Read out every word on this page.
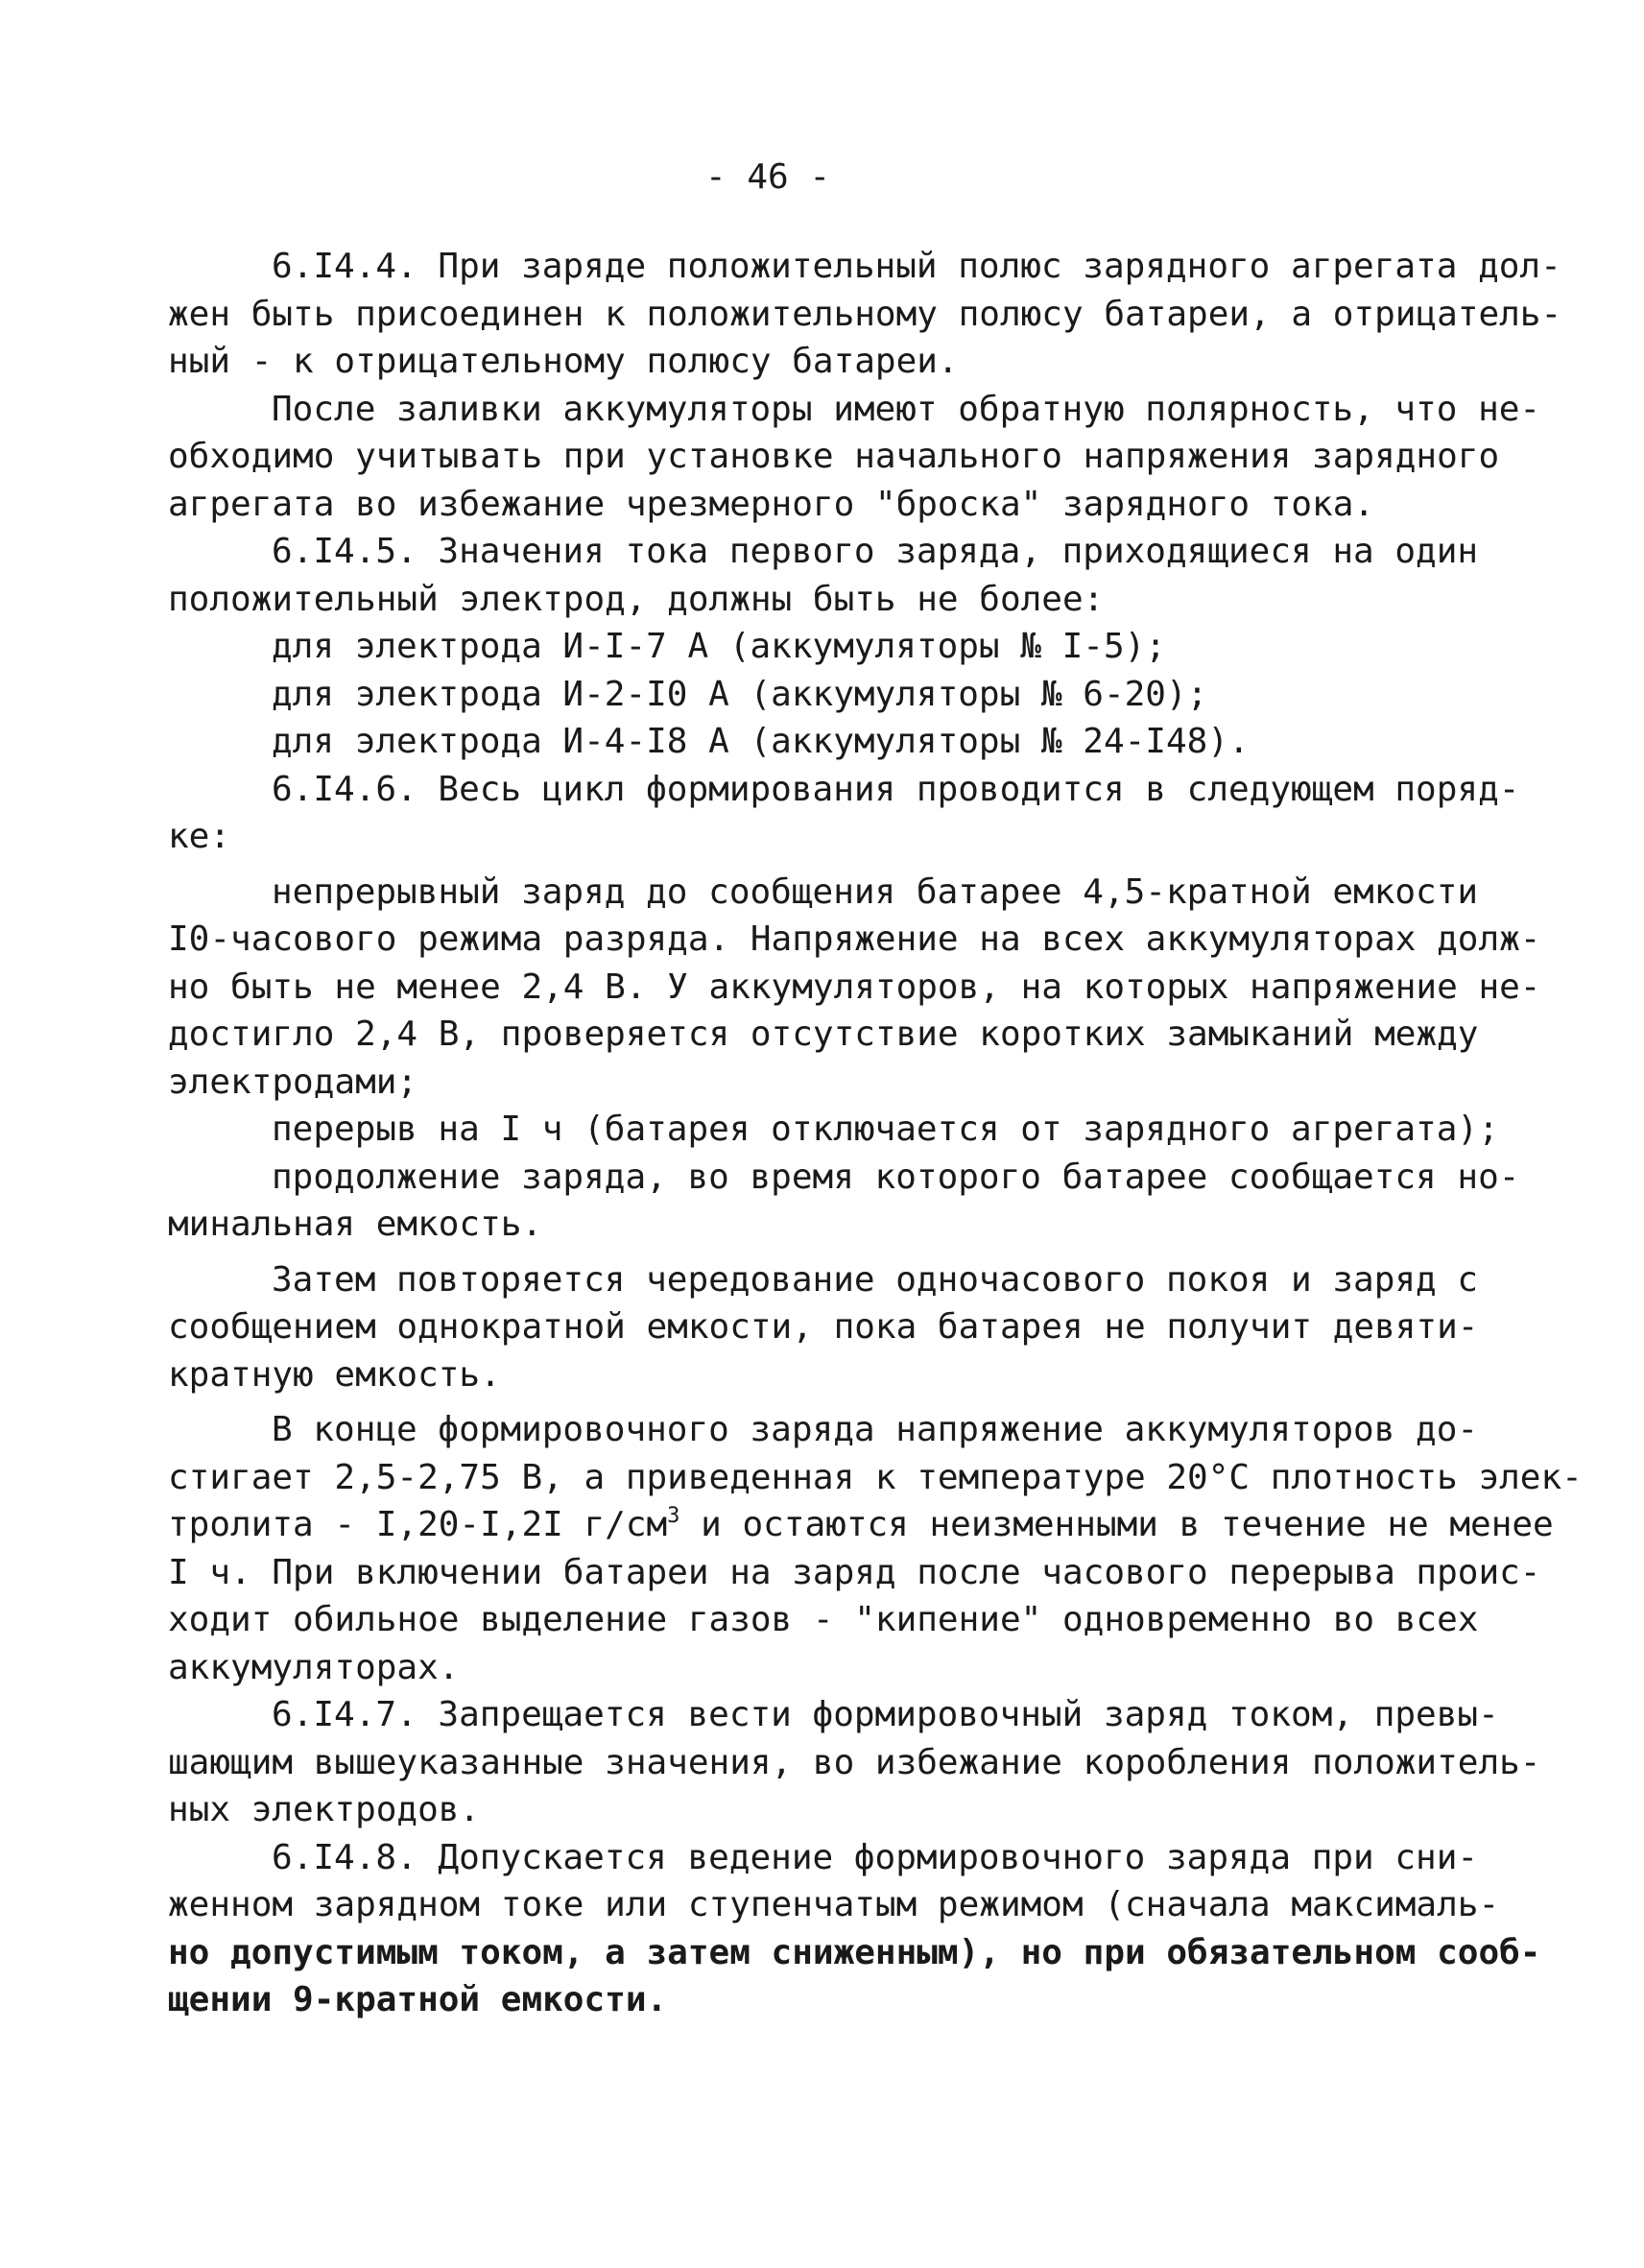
- 46 -
6.I4.4. При заряде положительный полюс зарядного агрегата дол-
жен быть присоединен к положительному полюсу батареи, а отрицатель-
ный - к отрицательному полюсу батареи.
После заливки аккумуляторы имеют обратную полярность, что не-
обходимо учитывать при установке начального напряжения зарядного
агрегата во избежание чрезмерного "броска" зарядного тока.
6.I4.5. Значения тока первого заряда, приходящиеся на один
положительный электрод, должны быть не более:
для электрода И-I-7 А (аккумуляторы № I-5);
для электрода И-2-I0 А (аккумуляторы № 6-20);
для электрода И-4-I8 А (аккумуляторы № 24-I48).
6.I4.6. Весь цикл формирования проводится в следующем поряд-
ке:
непрерывный заряд до сообщения батарее 4,5-кратной емкости
I0-часового режима разряда. Напряжение на всех аккумуляторах долж-
но быть не менее 2,4 В. У аккумуляторов, на которых напряжение не-
достигло 2,4 В, проверяется отсутствие коротких замыканий между
электродами;
перерыв на I ч (батарея отключается от зарядного агрегата);
продолжение заряда, во время которого батарее сообщается но-
минальная емкость.
Затем повторяется чередование одночасового покоя и заряд с
сообщением однократной емкости, пока батарея не получит девяти-
кратную емкость.
В конце формировочного заряда напряжение аккумуляторов до-
стигает 2,5-2,75 В, а приведенная к температуре 20°С плотность элек-
тролита - I,20-I,2I $г/см^3$ и остаются неизменными в течение не менее
I ч. При включении батареи на заряд после часового перерыва проис-
ходит обильное выделение газов - "кипение" одновременно во всех
аккумуляторах.
6.I4.7. Запрещается вести формировочный заряд током, превы-
шающим вышеуказанные значения, во избежание коробления положитель-
ных электродов.
6.I4.8. Допускается ведение формировочного заряда при сни-
женном зарядном токе или ступенчатым режимом (сначала максималь-
но допустимым током, а затем сниженным), но при обязательном сооб-
щении 9-кратной емкости.
